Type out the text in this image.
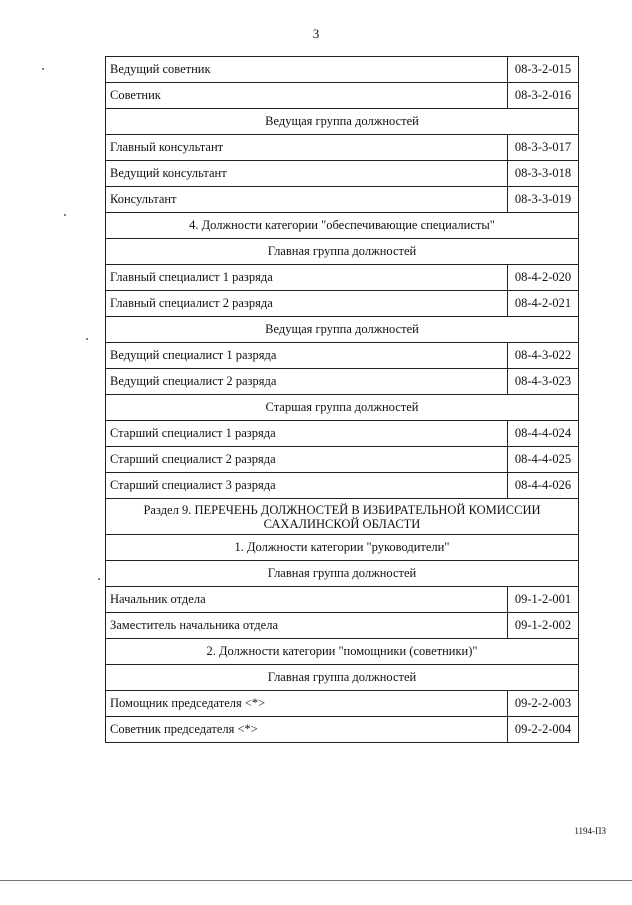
3
Ведущий советник	08-3-2-015
Советник	08-3-2-016
Ведущая группа должностей	
Главный консультант	08-3-3-017
Ведущий консультант	08-3-3-018
Консультант	08-3-3-019
4. Должности категории "обеспечивающие специалисты"	
Главная группа должностей	
Главный специалист 1 разряда	08-4-2-020
Главный специалист 2 разряда	08-4-2-021
Ведущая группа должностей	
Ведущий специалист 1 разряда	08-4-3-022
Ведущий специалист 2 разряда	08-4-3-023
Старшая группа должностей	
Старший специалист 1 разряда	08-4-4-024
Старший специалист 2 разряда	08-4-4-025
Старший специалист 3 разряда	08-4-4-026
Раздел 9. ПЕРЕЧЕНЬ ДОЛЖНОСТЕЙ В ИЗБИРАТЕЛЬНОЙ КОМИССИИ САХАЛИНСКОЙ ОБЛАСТИ	
1. Должности категории "руководители"	
Главная группа должностей	
Начальник отдела	09-1-2-001
Заместитель начальника отдела	09-1-2-002
2. Должности категории "помощники (советники)"	
Главная группа должностей	
Помощник председателя <*>	09-2-2-003
Советник председателя <*>	09-2-2-004
1194-ПЗ
